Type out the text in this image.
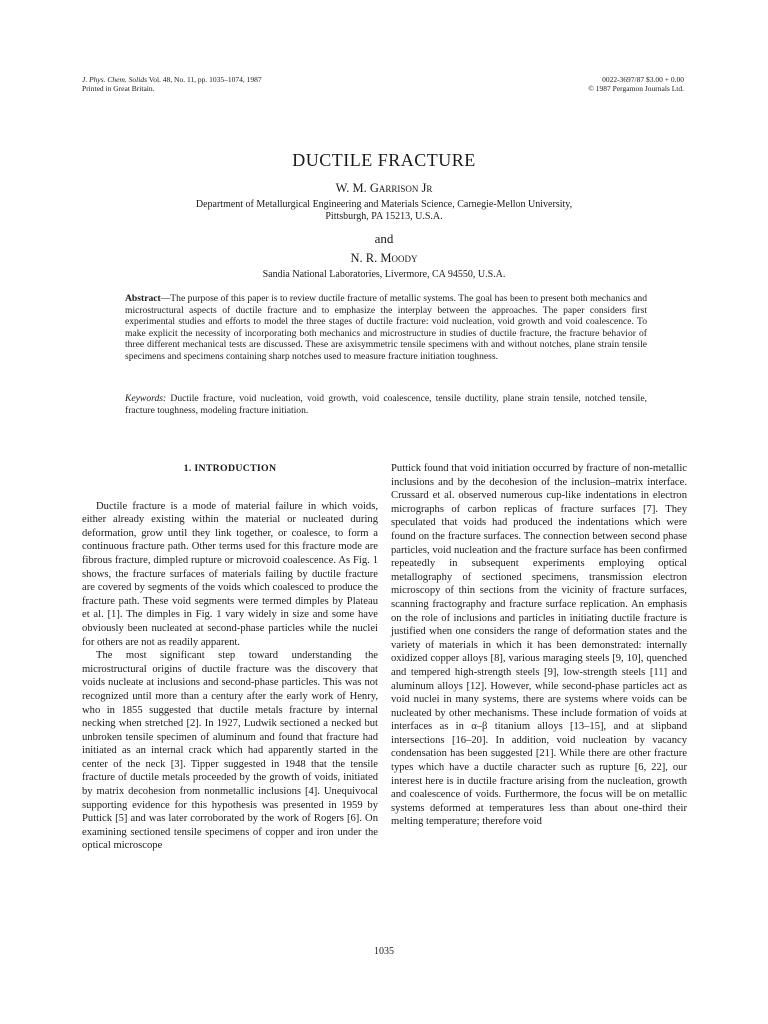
J. Phys. Chem. Solids Vol. 48, No. 11, pp. 1035–1074, 1987
Printed in Great Britain.
0022-3697/87 $3.00 + 0.00
© 1987 Pergamon Journals Ltd.
DUCTILE FRACTURE
W. M. Garrison Jr
Department of Metallurgical Engineering and Materials Science, Carnegie-Mellon University,
Pittsburgh, PA 15213, U.S.A.
and
N. R. Moody
Sandia National Laboratories, Livermore, CA 94550, U.S.A.
Abstract—The purpose of this paper is to review ductile fracture of metallic systems. The goal has been to present both mechanics and microstructural aspects of ductile fracture and to emphasize the interplay between the approaches. The paper considers first experimental studies and efforts to model the three stages of ductile fracture: void nucleation, void growth and void coalescence. To make explicit the necessity of incorporating both mechanics and microstructure in studies of ductile fracture, the fracture behavior of three different mechanical tests are discussed. These are axisymmetric tensile specimens with and without notches, plane strain tensile specimens and specimens containing sharp notches used to measure fracture initiation toughness.
Keywords: Ductile fracture, void nucleation, void growth, void coalescence, tensile ductility, plane strain tensile, notched tensile, fracture toughness, modeling fracture initiation.
1. INTRODUCTION

Ductile fracture is a mode of material failure in which voids, either already existing within the material or nucleated during deformation, grow until they link together, or coalesce, to form a continuous fracture path. Other terms used for this fracture mode are fibrous fracture, dimpled rupture or microvoid coalescence. As Fig. 1 shows, the fracture surfaces of materials failing by ductile fracture are covered by segments of the voids which coalesced to produce the fracture path. These void segments were termed dimples by Plateau et al. [1]. The dimples in Fig. 1 vary widely in size and some have obviously been nucleated at second-phase particles while the nuclei for others are not as readily apparent.

The most significant step toward understanding the microstructural origins of ductile fracture was the discovery that voids nucleate at inclusions and second-phase particles. This was not recognized until more than a century after the early work of Henry, who in 1855 suggested that ductile metals fracture by internal necking when stretched [2]. In 1927, Ludwik sectioned a necked but unbroken tensile specimen of aluminum and found that fracture had initiated as an internal crack which had apparently started in the center of the neck [3]. Tipper suggested in 1948 that the tensile fracture of ductile metals proceeded by the growth of voids, initiated by matrix decohesion from nonmetallic inclusions [4]. Unequivocal supporting evidence for this hypothesis was presented in 1959 by Puttick [5] and was later corroborated by the work of Rogers [6]. On examining sectioned tensile specimens of copper and iron under the optical microscope

Puttick found that void initiation occurred by fracture of non-metallic inclusions and by the decohesion of the inclusion–matrix interface. Crussard et al. observed numerous cup-like indentations in electron micrographs of carbon replicas of fracture surfaces [7]. They speculated that voids had produced the indentations which were found on the fracture surfaces. The connection between second phase particles, void nucleation and the fracture surface has been confirmed repeatedly in subsequent experiments employing optical metallography of sectioned specimens, transmission electron microscopy of thin sections from the vicinity of fracture surfaces, scanning fractography and fracture surface replication. An emphasis on the role of inclusions and particles in initiating ductile fracture is justified when one considers the range of deformation states and the variety of materials in which it has been demonstrated: internally oxidized copper alloys [8], various maraging steels [9, 10], quenched and tempered high-strength steels [9], low-strength steels [11] and aluminum alloys [12]. However, while second-phase particles act as void nuclei in many systems, there are systems where voids can be nucleated by other mechanisms. These include formation of voids at interfaces as in α–β titanium alloys [13–15], and at slipband intersections [16–20]. In addition, void nucleation by vacancy condensation has been suggested [21]. While there are other fracture types which have a ductile character such as rupture [6, 22], our interest here is in ductile fracture arising from the nucleation, growth and coalescence of voids. Furthermore, the focus will be on metallic systems deformed at temperatures less than about one-third their melting temperature; therefore void

1035
